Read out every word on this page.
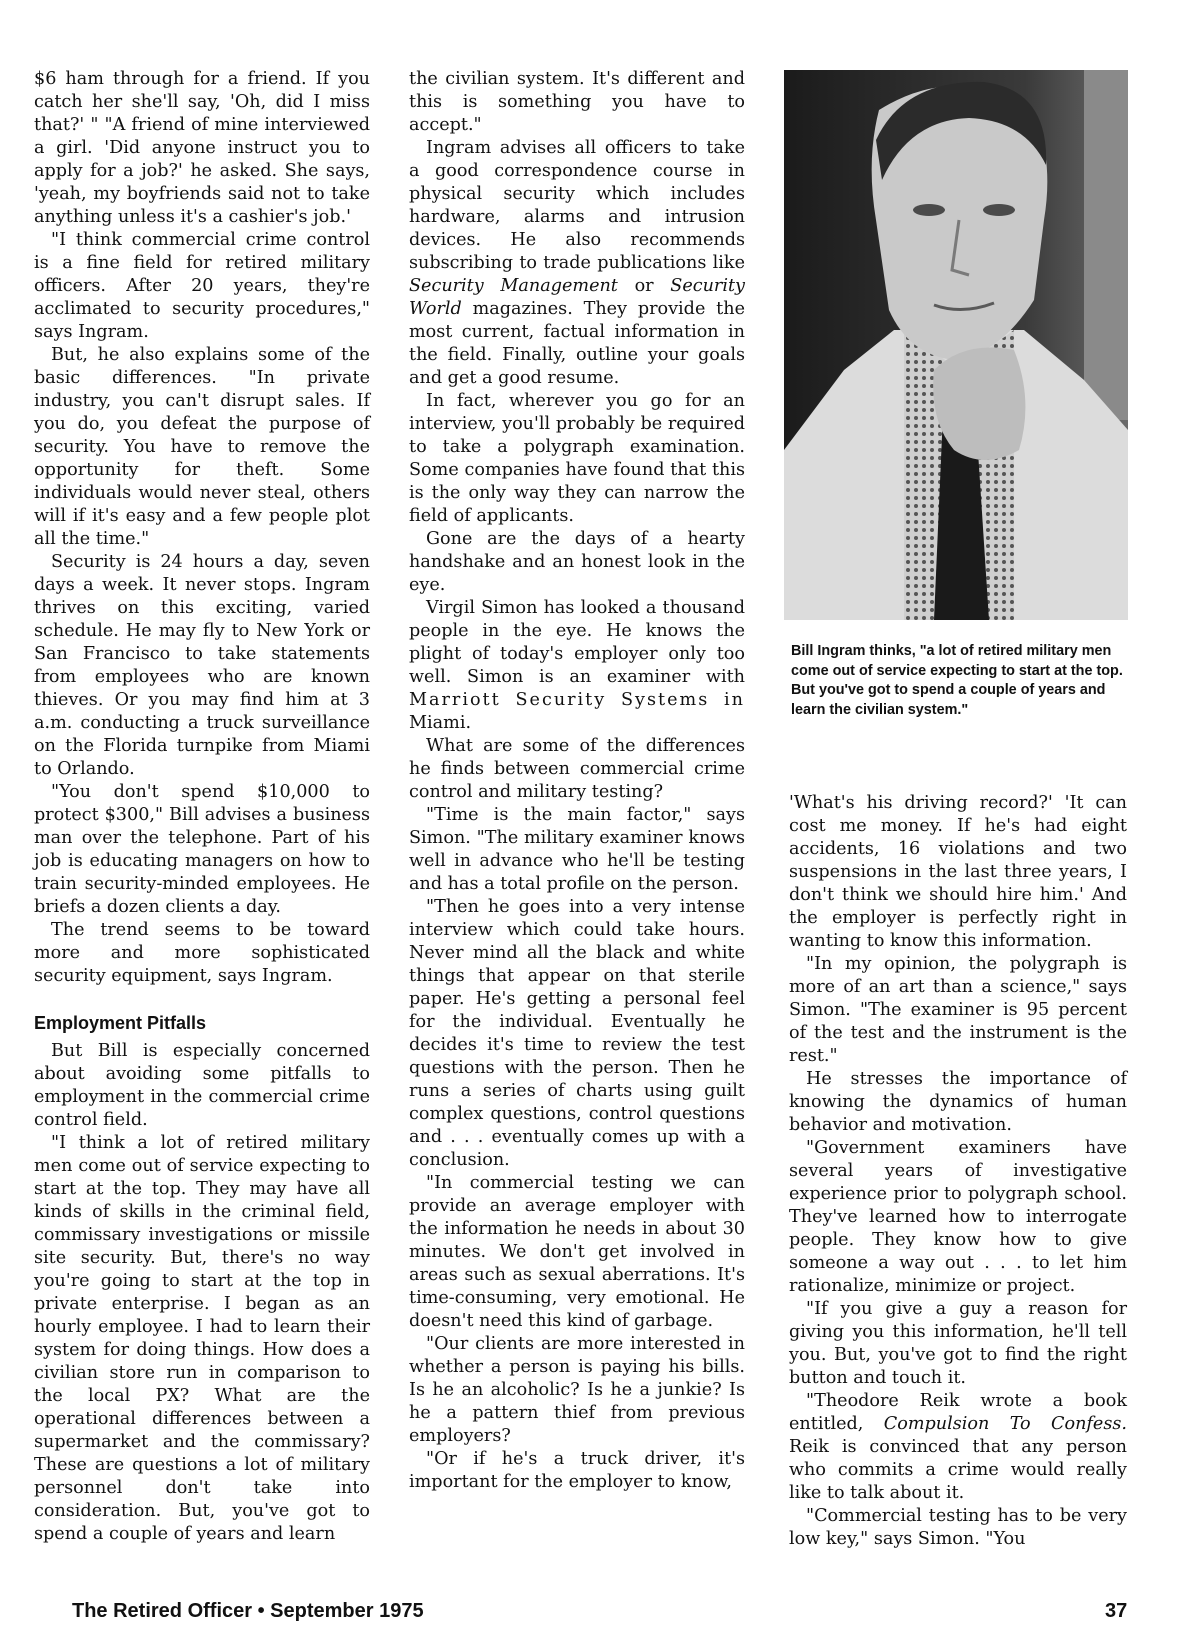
$6 ham through for a friend. If you catch her she'll say, 'Oh, did I miss that?' " "A friend of mine interviewed a girl. 'Did anyone instruct you to apply for a job?' he asked. She says, 'yeah, my boyfriends said not to take anything unless it's a cashier's job.'

"I think commercial crime control is a fine field for retired military officers. After 20 years, they're acclimated to security procedures," says Ingram.

But, he also explains some of the basic differences. "In private industry, you can't disrupt sales. If you do, you defeat the purpose of security. You have to remove the opportunity for theft. Some individuals would never steal, others will if it's easy and a few people plot all the time."

Security is 24 hours a day, seven days a week. It never stops. Ingram thrives on this exciting, varied schedule. He may fly to New York or San Francisco to take statements from employees who are known thieves. Or you may find him at 3 a.m. conducting a truck surveillance on the Florida turnpike from Miami to Orlando.

"You don't spend $10,000 to protect $300," Bill advises a business man over the telephone. Part of his job is educating managers on how to train security-minded employees. He briefs a dozen clients a day.

The trend seems to be toward more and more sophisticated security equipment, says Ingram.

Employment Pitfalls

But Bill is especially concerned about avoiding some pitfalls to employment in the commercial crime control field.

"I think a lot of retired military men come out of service expecting to start at the top. They may have all kinds of skills in the criminal field, commissary investigations or missile site security. But, there's no way you're going to start at the top in private enterprise. I began as an hourly employee. I had to learn their system for doing things. How does a civilian store run in comparison to the local PX? What are the operational differences between a supermarket and the commissary? These are questions a lot of military personnel don't take into consideration. But, you've got to spend a couple of years and learn

the civilian system. It's different and this is something you have to accept."

Ingram advises all officers to take a good correspondence course in physical security which includes hardware, alarms and intrusion devices. He also recommends subscribing to trade publications like Security Management or Security World magazines. They provide the most current, factual information in the field. Finally, outline your goals and get a good resume.

In fact, wherever you go for an interview, you'll probably be required to take a polygraph examination. Some companies have found that this is the only way they can narrow the field of applicants.

Gone are the days of a hearty handshake and an honest look in the eye.

Virgil Simon has looked a thousand people in the eye. He knows the plight of today's employer only too well. Simon is an examiner with Marriott Security Systems in Miami.

What are some of the differences he finds between commercial crime control and military testing?

"Time is the main factor," says Simon. "The military examiner knows well in advance who he'll be testing and has a total profile on the person.

"Then he goes into a very intense interview which could take hours. Never mind all the black and white things that appear on that sterile paper. He's getting a personal feel for the individual. Eventually he decides it's time to review the test questions with the person. Then he runs a series of charts using guilt complex questions, control questions and . . . eventually comes up with a conclusion.

"In commercial testing we can provide an average employer with the information he needs in about 30 minutes. We don't get involved in areas such as sexual aberrations. It's time-consuming, very emotional. He doesn't need this kind of garbage.

"Our clients are more interested in whether a person is paying his bills. Is he an alcoholic? Is he a junkie? Is he a pattern thief from previous employers?

"Or if he's a truck driver, it's important for the employer to know,

Bill Ingram thinks, "a lot of retired military men come out of service expecting to start at the top. But you've got to spend a couple of years and learn the civilian system."

'What's his driving record?' 'It can cost me money. If he's had eight accidents, 16 violations and two suspensions in the last three years, I don't think we should hire him.' And the employer is perfectly right in wanting to know this information.

"In my opinion, the polygraph is more of an art than a science," says Simon. "The examiner is 95 percent of the test and the instrument is the rest."

He stresses the importance of knowing the dynamics of human behavior and motivation.

"Government examiners have several years of investigative experience prior to polygraph school. They've learned how to interrogate people. They know how to give someone a way out . . . to let him rationalize, minimize or project.

"If you give a guy a reason for giving you this information, he'll tell you. But, you've got to find the right button and touch it.

"Theodore Reik wrote a book entitled, Compulsion To Confess. Reik is convinced that any person who commits a crime would really like to talk about it.

"Commercial testing has to be very low key," says Simon. "You

The Retired Officer • September 1975	37
